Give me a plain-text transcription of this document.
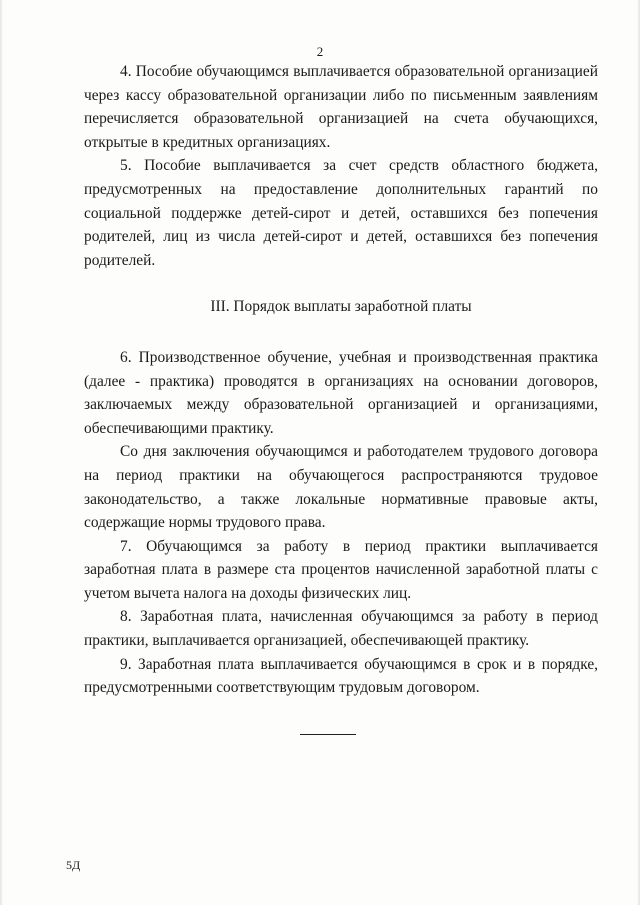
2

4. Пособие обучающимся выплачивается образовательной организацией через кассу образовательной организации либо по письменным заявлениям перечисляется образовательной организацией на счета обучающихся, открытые в кредитных организациях.

5. Пособие выплачивается за счет средств областного бюджета, предусмотренных на предоставление дополнительных гарантий по социальной поддержке детей-сирот и детей, оставшихся без попечения родителей, лиц из числа детей-сирот и детей, оставшихся без попечения родителей.

III. Порядок выплаты заработной платы

6. Производственное обучение, учебная и производственная практика (далее - практика) проводятся в организациях на основании договоров, заключаемых между образовательной организацией и организациями, обеспечивающими практику.

Со дня заключения обучающимся и работодателем трудового договора на период практики на обучающегося распространяются трудовое законодательство, а также локальные нормативные правовые акты, содержащие нормы трудового права.

7. Обучающимся за работу в период практики выплачивается заработная плата в размере ста процентов начисленной заработной платы с учетом вычета налога на доходы физических лиц.

8. Заработная плата, начисленная обучающимся за работу в период практики, выплачивается организацией, обеспечивающей практику.

9. Заработная плата выплачивается обучающимся в срок и в порядке, предусмотренными соответствующим трудовым договором.

5Д
